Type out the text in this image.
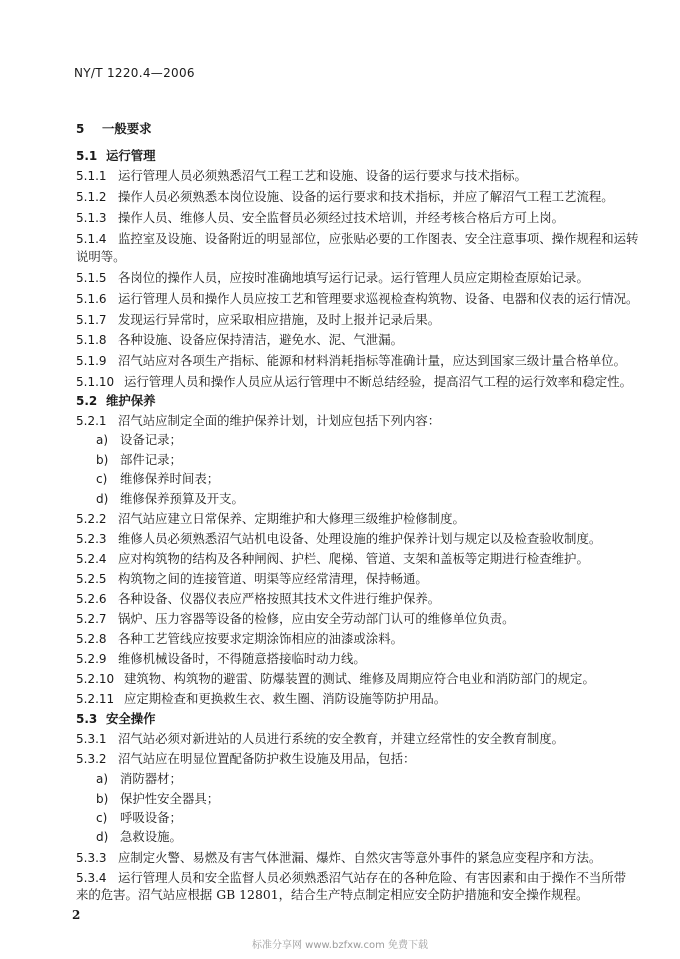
NY/T 1220.4—2006
5 一般要求
5.1 运行管理
5.1.1 运行管理人员必须熟悉沼气工程工艺和设施、设备的运行要求与技术指标。
5.1.2 操作人员必须熟悉本岗位设施、设备的运行要求和技术指标，并应了解沼气工程工艺流程。
5.1.3 操作人员、维修人员、安全监督员必须经过技术培训，并经考核合格后方可上岗。
5.1.4 监控室及设施、设备附近的明显部位，应张贴必要的工作图表、安全注意事项、操作规程和运转
说明等。
5.1.5 各岗位的操作人员，应按时准确地填写运行记录。运行管理人员应定期检查原始记录。
5.1.6 运行管理人员和操作人员应按工艺和管理要求巡视检查构筑物、设备、电器和仪表的运行情况。
5.1.7 发现运行异常时，应采取相应措施，及时上报并记录后果。
5.1.8 各种设施、设备应保持清洁，避免水、泥、气泄漏。
5.1.9 沼气站应对各项生产指标、能源和材料消耗指标等准确计量，应达到国家三级计量合格单位。
5.1.10 运行管理人员和操作人员应从运行管理中不断总结经验，提高沼气工程的运行效率和稳定性。
5.2 维护保养
5.2.1 沼气站应制定全面的维护保养计划，计划应包括下列内容：
a) 设备记录；
b) 部件记录；
c) 维修保养时间表；
d) 维修保养预算及开支。
5.2.2 沼气站应建立日常保养、定期维护和大修理三级维护检修制度。
5.2.3 维修人员必须熟悉沼气站机电设备、处理设施的维护保养计划与规定以及检查验收制度。
5.2.4 应对构筑物的结构及各种闸阀、护栏、爬梯、管道、支架和盖板等定期进行检查维护。
5.2.5 构筑物之间的连接管道、明渠等应经常清理，保持畅通。
5.2.6 各种设备、仪器仪表应严格按照其技术文件进行维护保养。
5.2.7 锅炉、压力容器等设备的检修，应由安全劳动部门认可的维修单位负责。
5.2.8 各种工艺管线应按要求定期涂饰相应的油漆或涂料。
5.2.9 维修机械设备时，不得随意搭接临时动力线。
5.2.10 建筑物、构筑物的避雷、防爆装置的测试、维修及周期应符合电业和消防部门的规定。
5.2.11 应定期检查和更换救生衣、救生圈、消防设施等防护用品。
5.3 安全操作
5.3.1 沼气站必须对新进站的人员进行系统的安全教育，并建立经常性的安全教育制度。
5.3.2 沼气站应在明显位置配备防护救生设施及用品，包括：
a) 消防器材；
b) 保护性安全器具；
c) 呼吸设备；
d) 急救设施。
5.3.3 应制定火警、易燃及有害气体泄漏、爆炸、自然灾害等意外事件的紧急应变程序和方法。
5.3.4 运行管理人员和安全监督人员必须熟悉沼气站存在的各种危险、有害因素和由于操作不当所带
来的危害。沼气站应根据 GB 12801，结合生产特点制定相应安全防护措施和安全操作规程。
2
标准分享网 www.bzfxw.com 免费下载
